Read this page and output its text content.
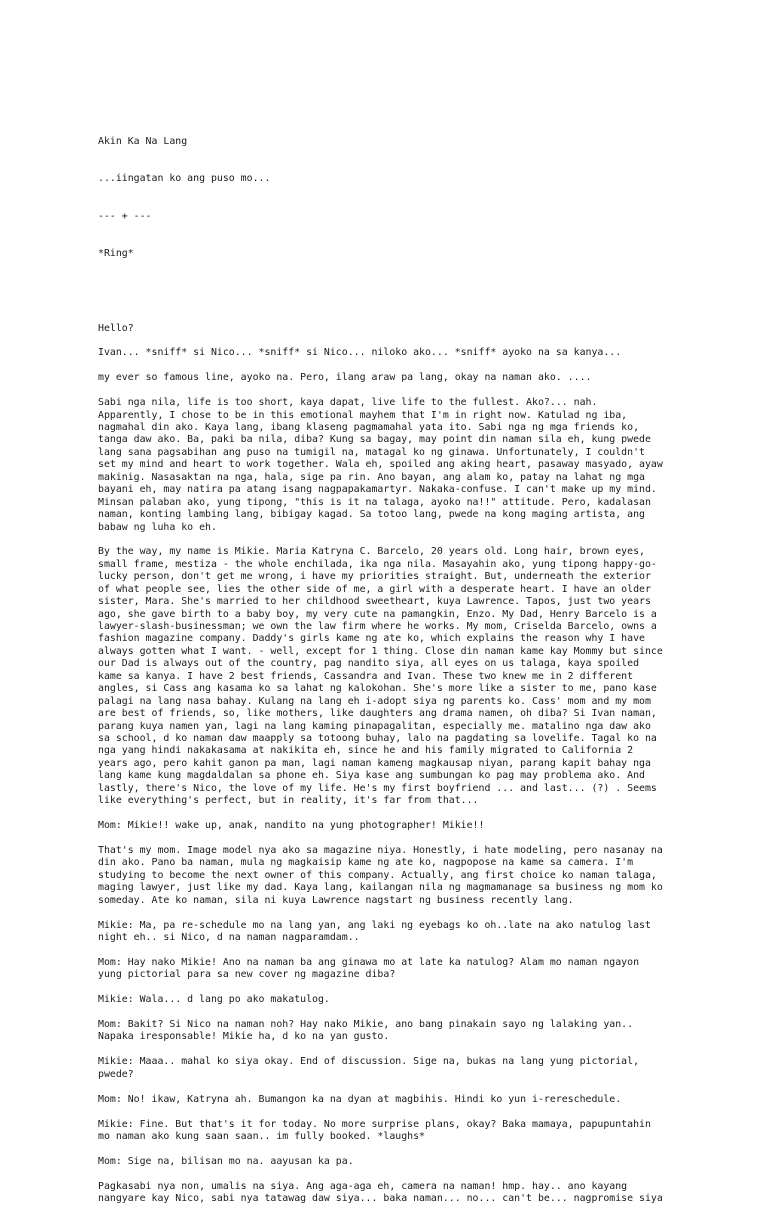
Akin Ka Na Lang

...iingatan ko ang puso mo...

--- + ---

*Ring*

Hello?
Ivan... *sniff* si Nico... *sniff* si Nico... niloko ako... *sniff* ayoko na sa kanya...
my ever so famous line, ayoko na. Pero, ilang araw pa lang, okay na naman ako. ....
Sabi nga nila, life is too short, kaya dapat, live life to the fullest. Ako?... nah.
Apparently, I chose to be in this emotional mayhem that I'm in right now. Katulad ng iba,
nagmahal din ako. Kaya lang, ibang klaseng pagmamahal yata ito. Sabi nga ng mga friends ko,
tanga daw ako. Ba, paki ba nila, diba? Kung sa bagay, may point din naman sila eh, kung pwede
lang sana pagsabihan ang puso na tumigil na, matagal ko ng ginawa. Unfortunately, I couldn't
set my mind and heart to work together. Wala eh, spoiled ang aking heart, pasaway masyado, ayaw
makinig. Nasasaktan na nga, hala, sige pa rin. Ano bayan, ang alam ko, patay na lahat ng mga
bayani eh, may natira pa atang isang nagpapakamartyr. Nakaka-confuse. I can't make up my mind.
Minsan palaban ako, yung tipong, "this is it na talaga, ayoko na!!" attitude. Pero, kadalasan
naman, konting lambing lang, bibigay kagad. Sa totoo lang, pwede na kong maging artista, ang
babaw ng luha ko eh.
By the way, my name is Mikie. Maria Katryna C. Barcelo, 20 years old. Long hair, brown eyes,
small frame, mestiza - the whole enchilada, ika nga nila. Masayahin ako, yung tipong happy-go-
lucky person, don't get me wrong, i have my priorities straight. But, underneath the exterior
of what people see, lies the other side of me, a girl with a desperate heart. I have an older
sister, Mara. She's married to her childhood sweetheart, kuya Lawrence. Tapos, just two years
ago, she gave birth to a baby boy, my very cute na pamangkin, Enzo. My Dad, Henry Barcelo is a
lawyer-slash-businessman; we own the law firm where he works. My mom, Criselda Barcelo, owns a
fashion magazine company. Daddy's girls kame ng ate ko, which explains the reason why I have
always gotten what I want. - well, except for 1 thing. Close din naman kame kay Mommy but since
our Dad is always out of the country, pag nandito siya, all eyes on us talaga, kaya spoiled
kame sa kanya. I have 2 best friends, Cassandra and Ivan. These two knew me in 2 different
angles, si Cass ang kasama ko sa lahat ng kalokohan. She's more like a sister to me, pano kase
palagi na lang nasa bahay. Kulang na lang eh i-adopt siya ng parents ko. Cass' mom and my mom
are best of friends, so, like mothers, like daughters ang drama namen, oh diba? Si Ivan naman,
parang kuya namen yan, lagi na lang kaming pinapagalitan, especially me. matalino nga daw ako
sa school, d ko naman daw maapply sa totoong buhay, lalo na pagdating sa lovelife. Tagal ko na
nga yang hindi nakakasama at nakikita eh, since he and his family migrated to California 2
years ago, pero kahit ganon pa man, lagi naman kameng magkausap niyan, parang kapit bahay nga
lang kame kung magdaldalan sa phone eh. Siya kase ang sumbungan ko pag may problema ako. And
lastly, there's Nico, the love of my life. He's my first boyfriend ... and last... (?) . Seems
like everything's perfect, but in reality, it's far from that...
Mom: Mikie!! wake up, anak, nandito na yung photographer! Mikie!!
That's my mom. Image model nya ako sa magazine niya. Honestly, i hate modeling, pero nasanay na
din ako. Pano ba naman, mula ng magkaisip kame ng ate ko, nagpopose na kame sa camera. I'm
studying to become the next owner of this company. Actually, ang first choice ko naman talaga,
maging lawyer, just like my dad. Kaya lang, kailangan nila ng magmamanage sa business ng mom ko
someday. Ate ko naman, sila ni kuya Lawrence nagstart ng business recently lang.
Mikie: Ma, pa re-schedule mo na lang yan, ang laki ng eyebags ko oh..late na ako natulog last
night eh.. si Nico, d na naman nagparamdam..
Mom: Hay nako Mikie! Ano na naman ba ang ginawa mo at late ka natulog? Alam mo naman ngayon
yung pictorial para sa new cover ng magazine diba?
Mikie: Wala... d lang po ako makatulog.
Mom: Bakit? Si Nico na naman noh? Hay nako Mikie, ano bang pinakain sayo ng lalaking yan..
Napaka iresponsable! Mikie ha, d ko na yan gusto.
Mikie: Maaa.. mahal ko siya okay. End of discussion. Sige na, bukas na lang yung pictorial,
pwede?
Mom: No! ikaw, Katryna ah. Bumangon ka na dyan at magbihis. Hindi ko yun i-rereschedule.
Mikie: Fine. But that's it for today. No more surprise plans, okay? Baka mamaya, papupuntahin
mo naman ako kung saan saan.. im fully booked. *laughs*
Mom: Sige na, bilisan mo na. aayusan ka pa.
Pagkasabi nya non, umalis na siya. Ang aga-aga eh, camera na naman! hmp. hay.. ano kayang
nangyare kay Nico, sabi nya tatawag daw siya... baka naman... no... can't be... nagpromise siya
